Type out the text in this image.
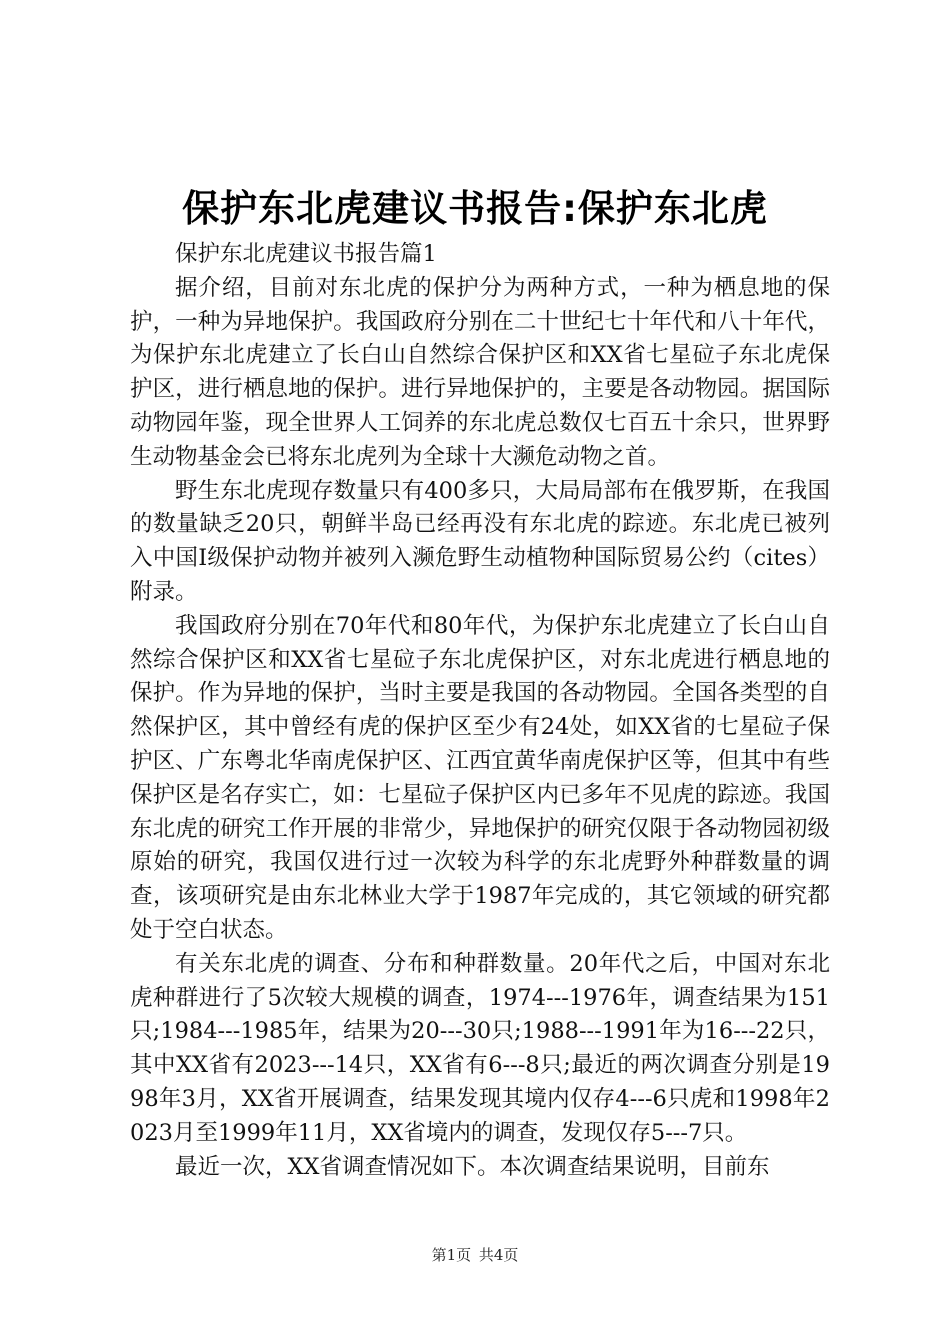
保护东北虎建议书报告:保护东北虎

保护东北虎建议书报告篇1

据介绍，目前对东北虎的保护分为两种方式，一种为栖息地的保护，一种为异地保护。我国政府分别在二十世纪七十年代和八十年代，为保护东北虎建立了长白山自然综合保护区和XX省七星砬子东北虎保护区，进行栖息地的保护。进行异地保护的，主要是各动物园。据国际动物园年鉴，现全世界人工饲养的东北虎总数仅七百五十余只，世界野生动物基金会已将东北虎列为全球十大濒危动物之首。

野生东北虎现存数量只有400多只，大局局部布在俄罗斯，在我国的数量缺乏20只，朝鲜半岛已经再没有东北虎的踪迹。东北虎已被列入中国Ⅰ级保护动物并被列入濒危野生动植物种国际贸易公约（cites）附录。

我国政府分别在70年代和80年代，为保护东北虎建立了长白山自然综合保护区和XX省七星砬子东北虎保护区，对东北虎进行栖息地的保护。作为异地的保护，当时主要是我国的各动物园。全国各类型的自然保护区，其中曾经有虎的保护区至少有24处，如XX省的七星砬子保护区、广东粤北华南虎保护区、江西宜黄华南虎保护区等，但其中有些保护区是名存实亡，如：七星砬子保护区内已多年不见虎的踪迹。我国东北虎的研究工作开展的非常少，异地保护的研究仅限于各动物园初级原始的研究，我国仅进行过一次较为科学的东北虎野外种群数量的调查，该项研究是由东北林业大学于1987年完成的，其它领域的研究都处于空白状态。

有关东北虎的调查、分布和种群数量。20年代之后，中国对东北虎种群进行了5次较大规模的调查，1974---1976年，调查结果为151只;1984---1985年，结果为20---30只;1988---1991年为16---22只，其中XX省有2023---14只，XX省有6---8只;最近的两次调查分别是1998年3月，XX省开展调查，结果发现其境内仅存4---6只虎和1998年2023月至1999年11月，XX省境内的调查，发现仅存5---7只。

最近一次，XX省调查情况如下。本次调查结果说明，目前东

第1页 共4页
